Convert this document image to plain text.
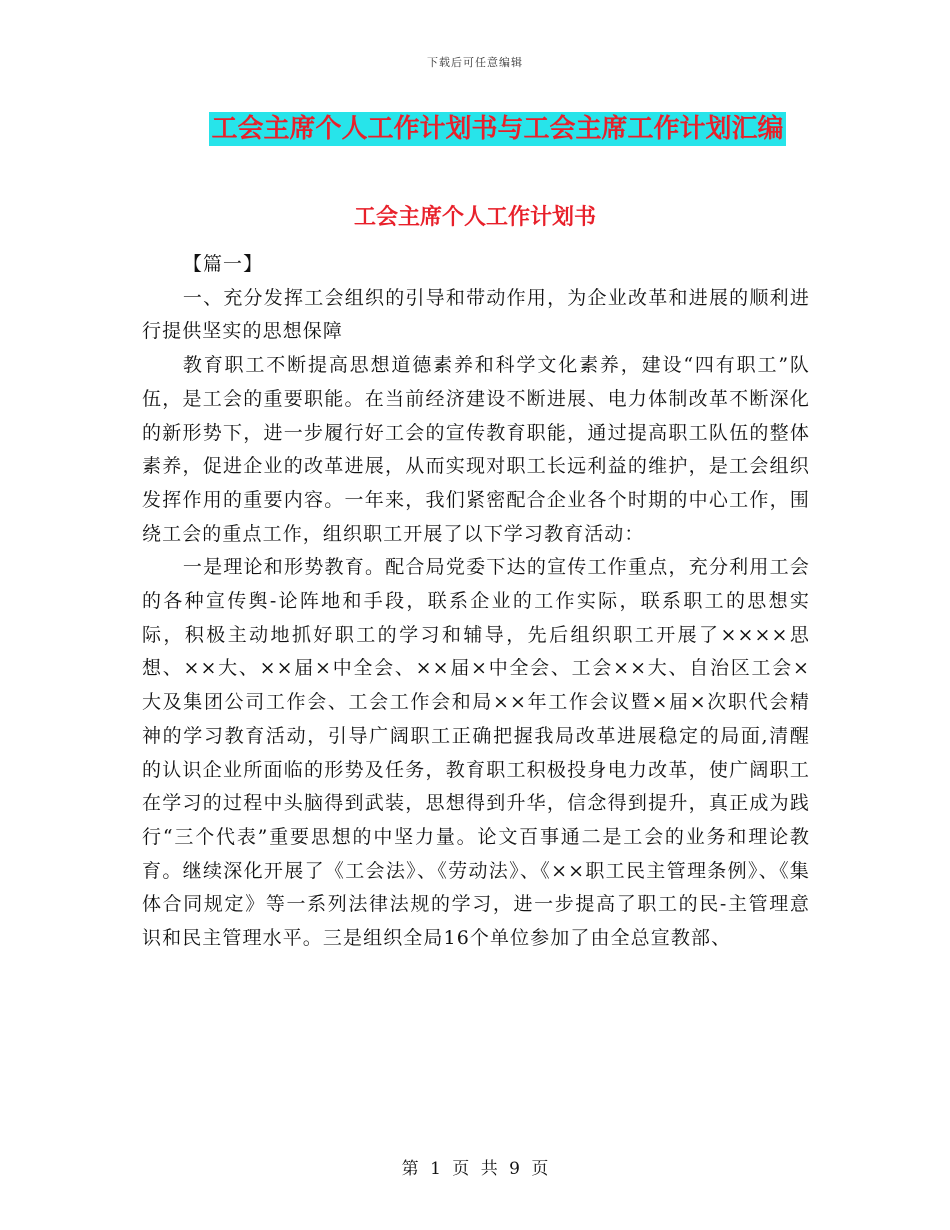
下载后可任意编辑
工会主席个人工作计划书与工会主席工作计划汇编
工会主席个人工作计划书

【篇一】

一、充分发挥工会组织的引导和带动作用，为企业改革和进展的顺利进行提供坚实的思想保障

教育职工不断提高思想道德素养和科学文化素养，建设“四有职工”队伍，是工会的重要职能。在当前经济建设不断进展、电力体制改革不断深化的新形势下，进一步履行好工会的宣传教育职能，通过提高职工队伍的整体素养，促进企业的改革进展，从而实现对职工长远利益的维护，是工会组织发挥作用的重要内容。一年来，我们紧密配合企业各个时期的中心工作，围绕工会的重点工作，组织职工开展了以下学习教育活动：

一是理论和形势教育。配合局党委下达的宣传工作重点，充分利用工会的各种宣传舆-论阵地和手段，联系企业的工作实际，联系职工的思想实际，积极主动地抓好职工的学习和辅导，先后组织职工开展了××××思想、××大、××届×中全会、××届×中全会、工会××大、自治区工会×大及集团公司工作会、工会工作会和局××年工作会议暨×届×次职代会精神的学习教育活动，引导广阔职工正确把握我局改革进展稳定的局面,清醒的认识企业所面临的形势及任务，教育职工积极投身电力改革，使广阔职工在学习的过程中头脑得到武装，思想得到升华，信念得到提升，真正成为践行“三个代表”重要思想的中坚力量。论文百事通二是工会的业务和理论教育。继续深化开展了《工会法》、《劳动法》、《××职工民主管理条例》、《集体合同规定》等一系列法律法规的学习，进一步提高了职工的民-主管理意识和民主管理水平。三是组织全局16个单位参加了由全总宣教部、

第 1 页 共 9 页
